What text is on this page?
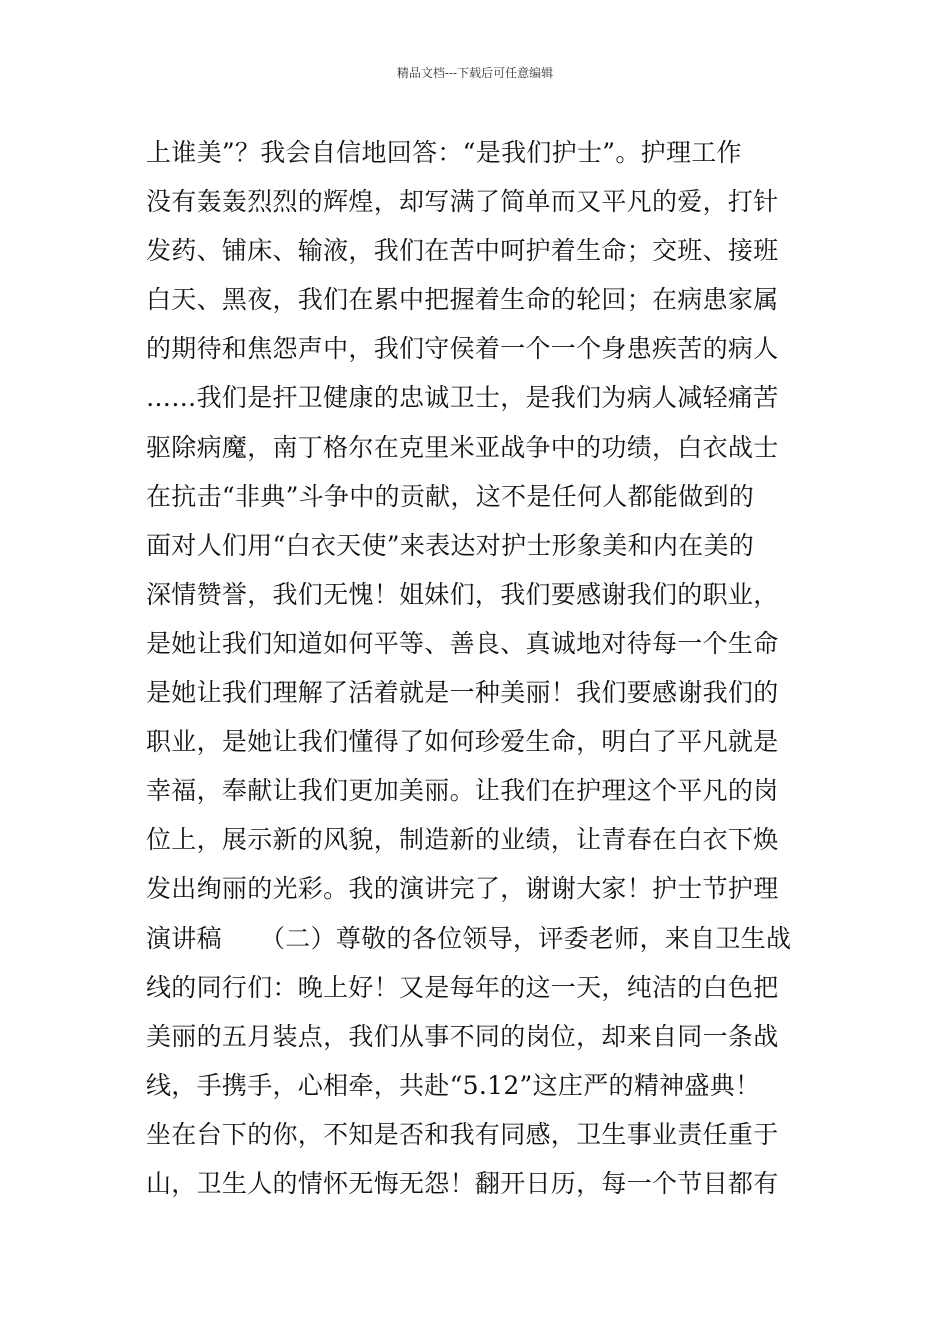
精品文档---下载后可任意编辑
上谁美”？我会自信地回答：“是我们护士”。护理工作
没有轰轰烈烈的辉煌，却写满了简单而又平凡的爱，打针
发药、铺床、输液，我们在苦中呵护着生命；交班、接班
白天、黑夜，我们在累中把握着生命的轮回；在病患家属
的期待和焦怨声中，我们守侯着一个一个身患疾苦的病人
……我们是扞卫健康的忠诚卫士，是我们为病人减轻痛苦
驱除病魔，南丁格尔在克里米亚战争中的功绩，白衣战士
在抗击“非典”斗争中的贡献，这不是任何人都能做到的
面对人们用“白衣天使”来表达对护士形象美和内在美的
深情赞誉，我们无愧！姐妹们，我们要感谢我们的职业，
是她让我们知道如何平等、善良、真诚地对待每一个生命
是她让我们理解了活着就是一种美丽！我们要感谢我们的
职业，是她让我们懂得了如何珍爱生命，明白了平凡就是
幸福，奉献让我们更加美丽。让我们在护理这个平凡的岗
位上，展示新的风貌，制造新的业绩，让青春在白衣下焕
发出绚丽的光彩。我的演讲完了，谢谢大家！护士节护理
演讲稿　　（二）尊敬的各位领导，评委老师，来自卫生战
线的同行们：晚上好！又是每年的这一天，纯洁的白色把
美丽的五月装点，我们从事不同的岗位，却来自同一条战
线，手携手，心相牵，共赴“5.12”这庄严的精神盛典！
坐在台下的你，不知是否和我有同感，卫生事业责任重于
山，卫生人的情怀无悔无怨！翻开日历，每一个节目都有
